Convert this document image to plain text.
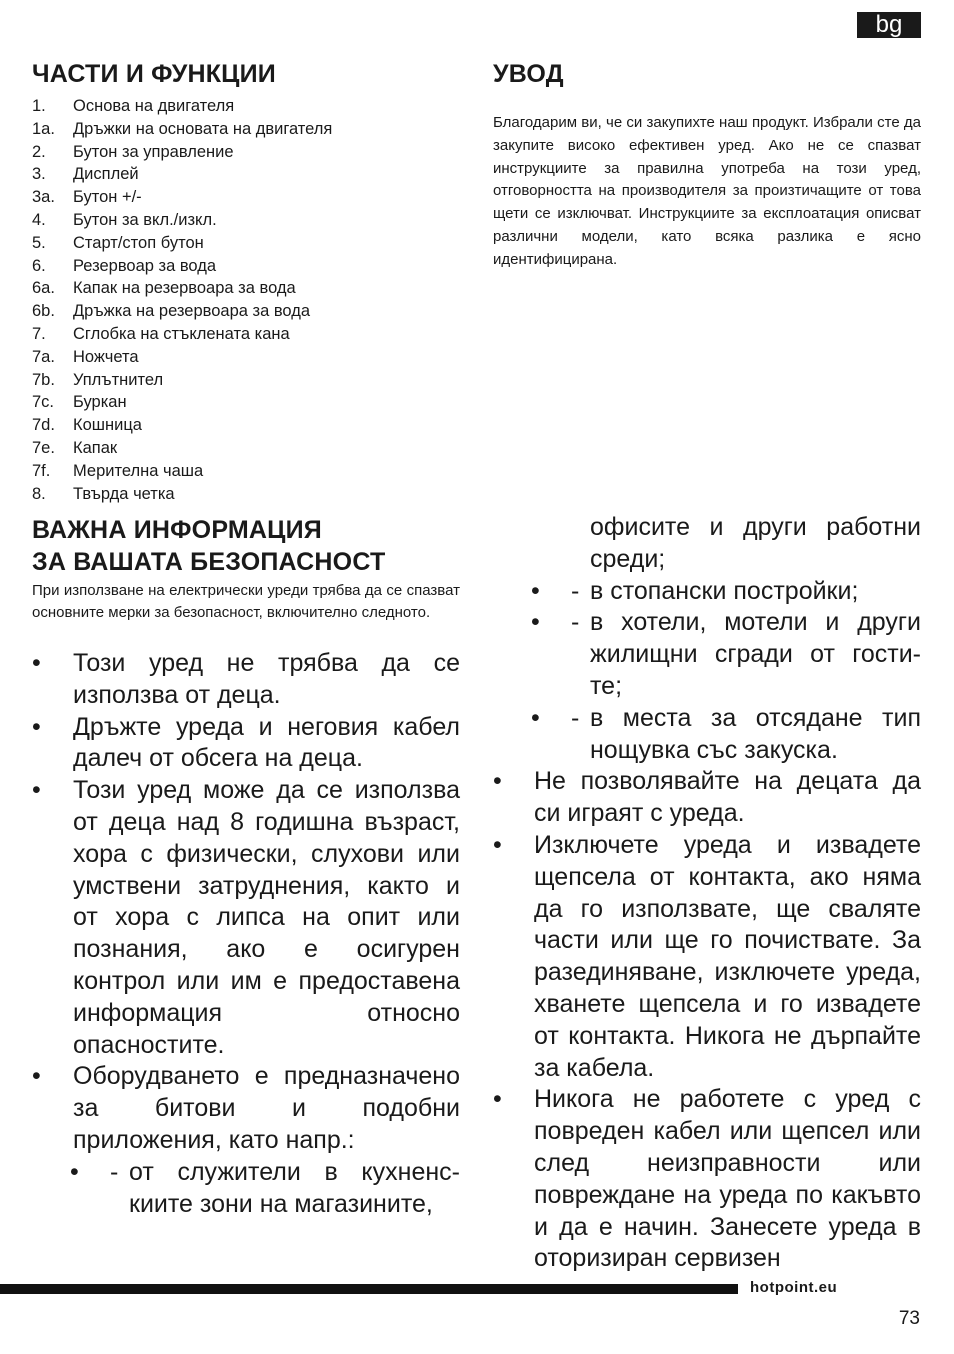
bg
ЧАСТИ И ФУНКЦИИ
1.	Основа на двигателя
1a.	Дръжки на основата на двигателя
2.	Бутон за управление
3.	Дисплей
3a.	Бутон +/-
4.	Бутон за вкл./изкл.
5.	Старт/стоп бутон
6.	Резервоар за вода
6a.	Капак на резервоара за вода
6b.	Дръжка на резервоара за вода
7.	Сглобка на стъклената кана
7a.	Ножчета
7b.	Уплътнител
7c.	Буркан
7d.	Кошница
7e.	Капак
7f.	Мерителна чаша
8.	Твърда четка
УВОД

Благодарим ви, че си закупихте наш продукт. Избрали сте да закупите високо ефективен уред. Ако не се спазват инструкциите за правилна употреба на този уред, отговорността на производителя за произтичащите от това щети се изключват. Инструкциите за експлоатация описват различни модели, като всяка разлика е ясно идентифицирана.

ВАЖНА ИНФОРМАЦИЯ
ЗА ВАШАТА БЕЗОПАСНОСТ

При използване на електрически уреди трябва да се спазват основните мерки за безопасност, включително следното.

• Този уред не трябва да се използва от деца.
• Дръжте уреда и неговия кабел далеч от обсега на деца.
• Този уред може да се използва от деца над 8 годишна възраст, хора с физически, слухови или умствени затруднения, както и от хора с липса на опит или познания, ако е осигурен контрол или им е предоставена информация относно опасностите.
• Оборудването е предназначено за битови и подобни приложения, като напр.:
• - от служители в кухненс-киите зони на магазините,
офисите и други работни среди;
• - в стопански постройки;
• - в хотели, мотели и други жилищни сгради от гости-те;
• - в места за отсядане тип нощувка със закуска.
• Не позволявайте на децата да си играят с уреда.
• Изключете уреда и извадете щепсела от контакта, ако няма да го използвате, ще сваляте части или ще го почиствате. За разединяване, изключете уреда, хванете щепсела и го извадете от контакта. Никога не дърпайте за кабела.
• Никога не работете с уред с повреден кабел или щепсел или след неизправности или повреждане на уреда по какъвто и да е начин. Занесете уреда в оторизиран сервизен
hotpoint.eu
73
